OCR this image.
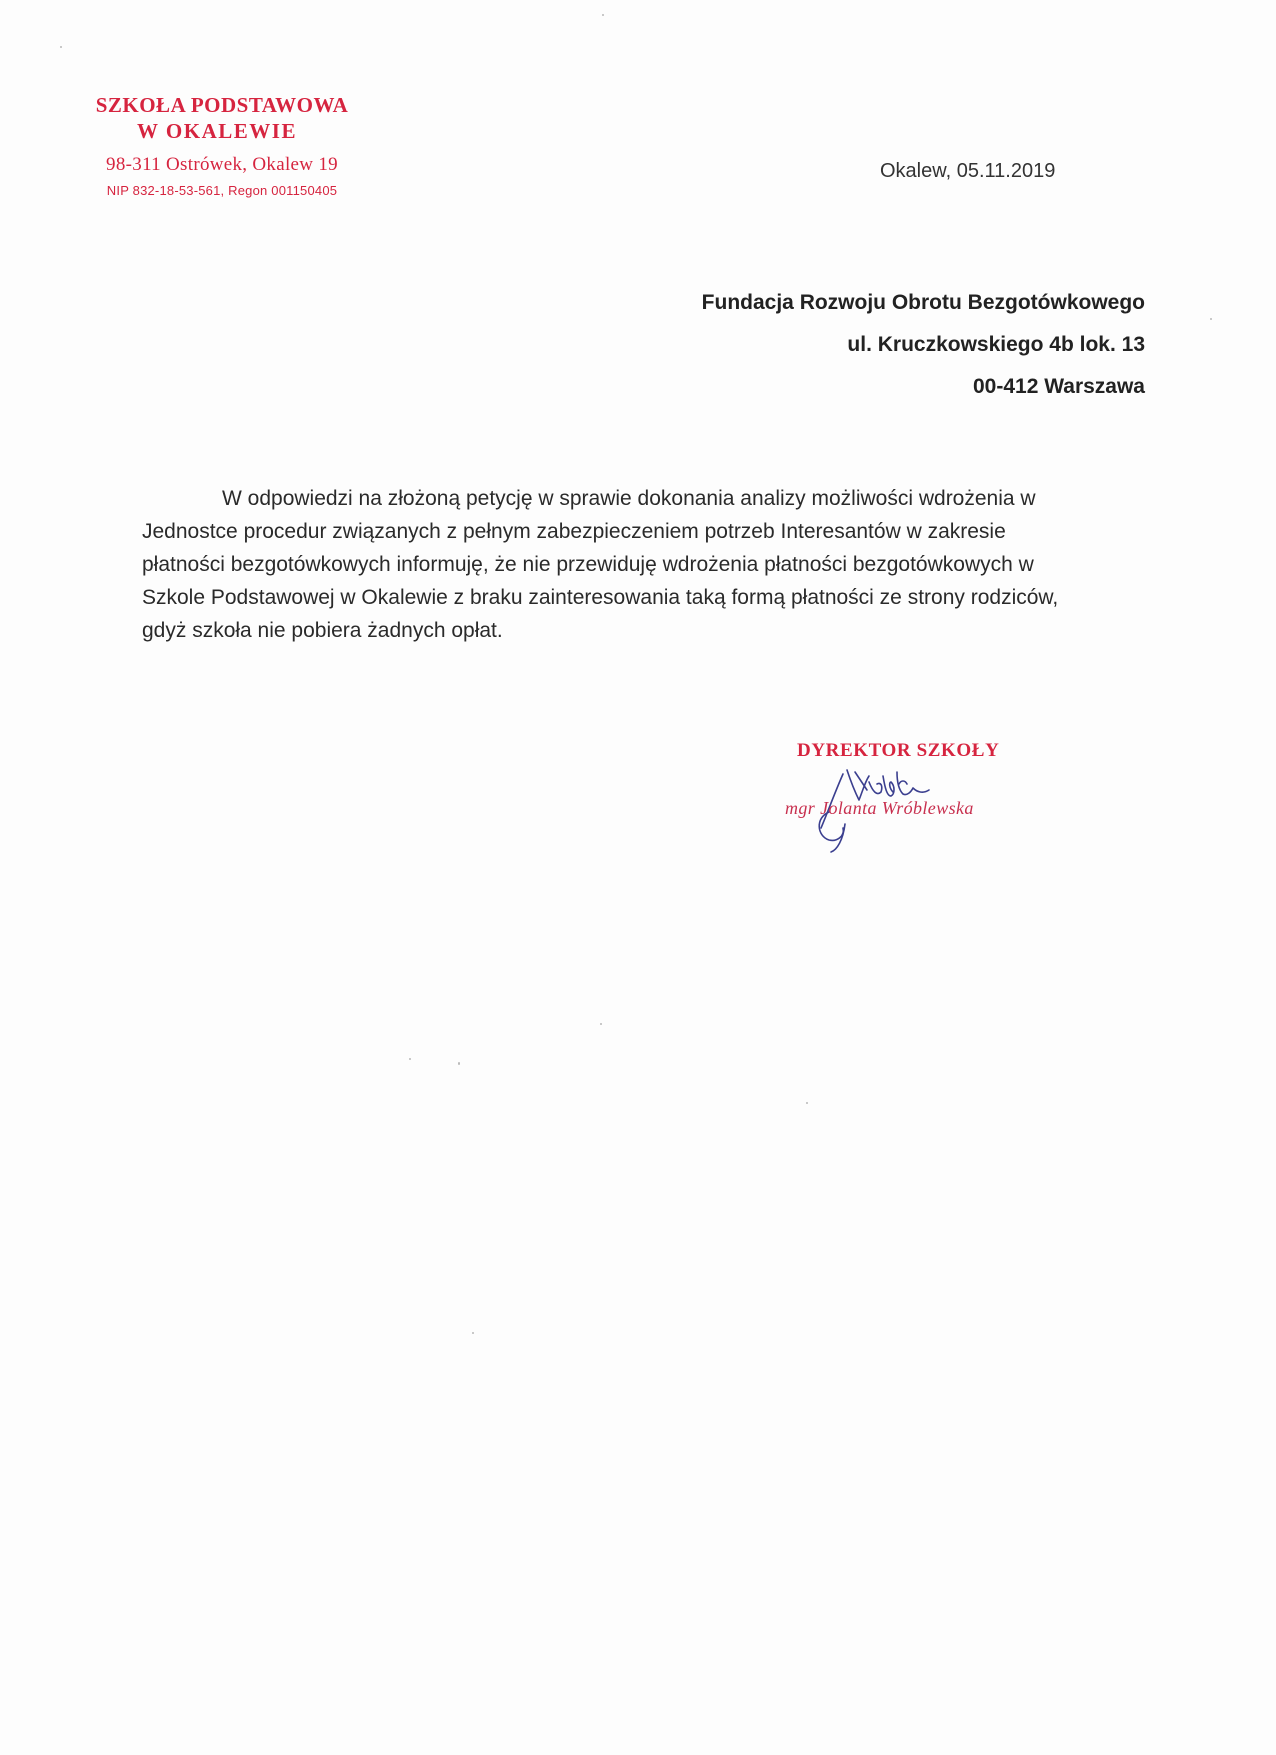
SZKOŁA PODSTAWOWA
W OKALEWIE
98-311 Ostrówek, Okalew 19
NIP 832-18-53-561, Regon 001150405
Okalew, 05.11.2019
Fundacja Rozwoju Obrotu Bezgotówkowego
ul. Kruczkowskiego 4b lok. 13
00-412 Warszawa
W odpowiedzi na złożoną petycję w sprawie dokonania analizy możliwości wdrożenia w Jednostce procedur związanych z pełnym zabezpieczeniem potrzeb Interesantów w zakresie płatności bezgotówkowych informuję, że nie przewiduję wdrożenia płatności bezgotówkowych w Szkole Podstawowej w Okalewie z braku zainteresowania taką formą płatności ze strony rodziców, gdyż szkoła nie pobiera żadnych opłat.
DYREKTOR SZKOŁY
mgr Jolanta Wróblewska
